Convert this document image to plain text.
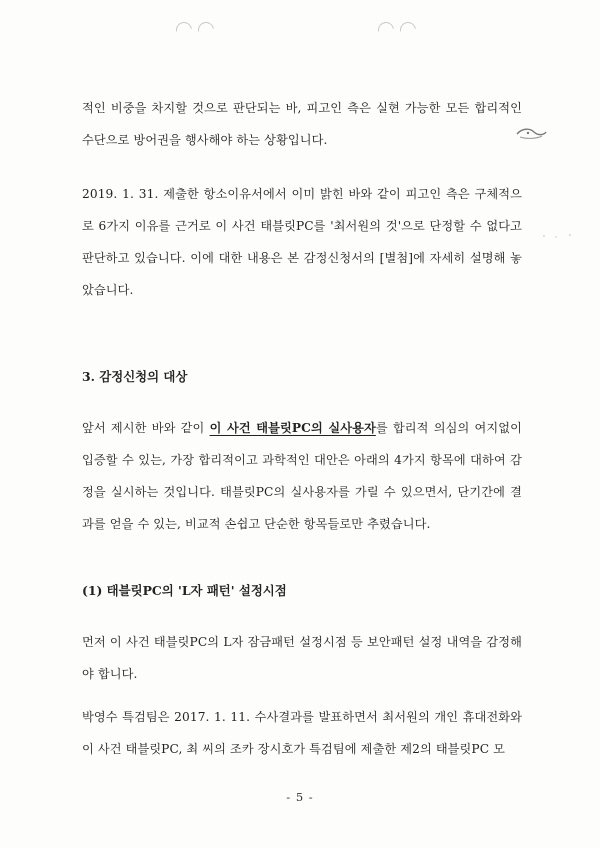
적인 비중을 차지할 것으로 판단되는 바, 피고인 측은 실현 가능한 모든 합리적인 수단으로 방어권을 행사해야 하는 상황입니다.

2019. 1. 31. 제출한 항소이유서에서 이미 밝힌 바와 같이 피고인 측은 구체적으로 6가지 이유를 근거로 이 사건 태블릿PC를 '최서원의 것'으로 단정할 수 없다고 판단하고 있습니다. 이에 대한 내용은 본 감정신청서의 [별첨]에 자세히 설명해 놓았습니다.

3. 감정신청의 대상

앞서 제시한 바와 같이 이 사건 태블릿PC의 실사용자를 합리적 의심의 여지없이 입증할 수 있는, 가장 합리적이고 과학적인 대안은 아래의 4가지 항목에 대하여 감정을 실시하는 것입니다. 태블릿PC의 실사용자를 가릴 수 있으면서, 단기간에 결과를 얻을 수 있는, 비교적 손쉽고 단순한 항목들로만 추렸습니다.

(1) 태블릿PC의 'L자 패턴' 설정시점

먼저 이 사건 태블릿PC의 L자 잠금패턴 설정시점 등 보안패턴 설정 내역을 감정해야 합니다.

박영수 특검팀은 2017. 1. 11. 수사결과를 발표하면서 최서원의 개인 휴대전화와 이 사건 태블릿PC, 최 씨의 조카 장시호가 특검팀에 제출한 제2의 태블릿PC 모

- 5 -
